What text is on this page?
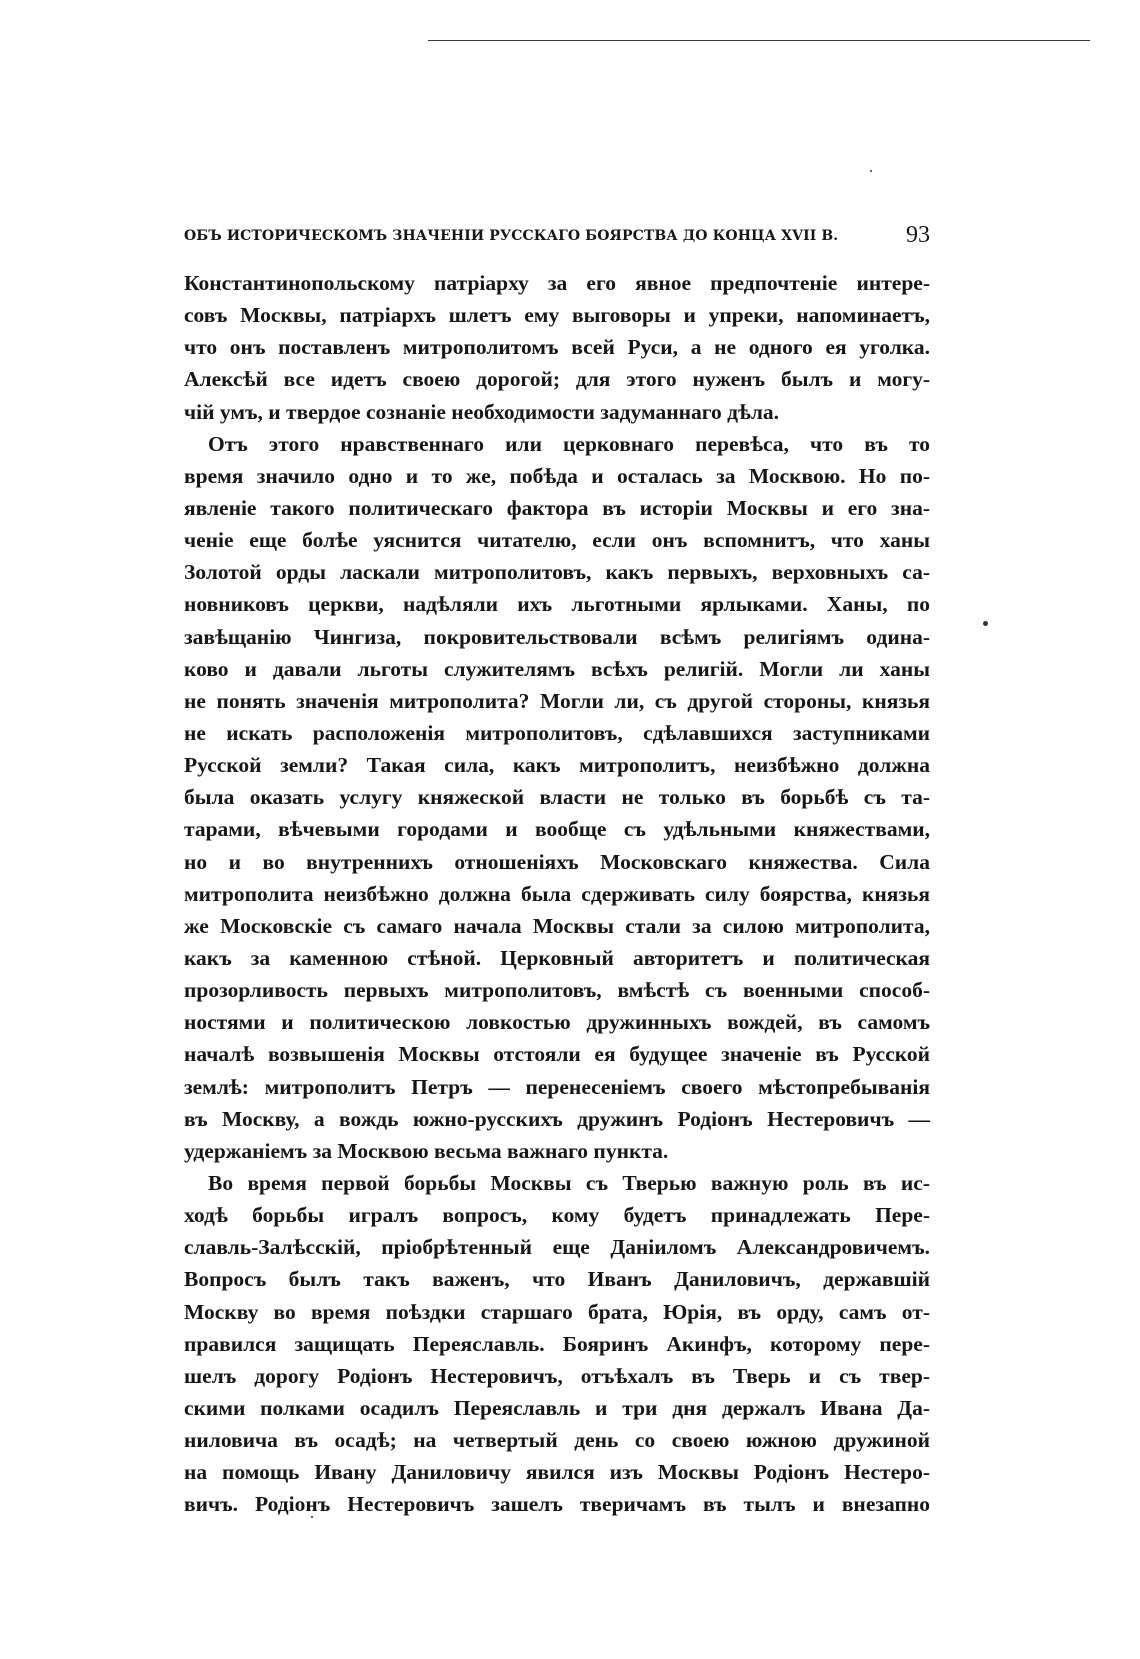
ОБЪ ИСТОРИЧЕСКОМЪ ЗНАЧЕНІИ РУССКАГО БОЯРСТВА ДО КОНЦА XVII В.	93
Константинопольскому патріарху за его явное предпочтеніе интере-
совъ Москвы, патріархъ шлетъ ему выговоры и упреки, напоминаетъ,
что онъ поставленъ митрополитомъ всей Руси, а не одного ея уголка.
Алексѣй все идетъ своею дорогой; для этого нуженъ былъ и могу-
чій умъ, и твердое сознаніе необходимости задуманнаго дѣла.
Отъ этого нравственнаго или церковнаго перевѣса, что въ то
время значило одно и то же, побѣда и осталась за Москвою. Но по-
явленіе такого политическаго фактора въ исторіи Москвы и его зна-
ченіе еще болѣе уяснится читателю, если онъ вспомнитъ, что ханы
Золотой орды ласкали митрополитовъ, какъ первыхъ, верховныхъ са-
новниковъ церкви, надѣляли ихъ льготными ярлыками. Ханы, по
завѣщанію Чингиза, покровительствовали всѣмъ религіямъ одина-
ково и давали льготы служителямъ всѣхъ религій. Могли ли ханы
не понять значенія митрополита? Могли ли, съ другой стороны, князья
не искать расположенія митрополитовъ, сдѣлавшихся заступниками
Русской земли? Такая сила, какъ митрополитъ, неизбѣжно должна
была оказать услугу княжеской власти не только въ борьбѣ съ та-
тарами, вѣчевыми городами и вообще съ удѣльными княжествами,
но и во внутреннихъ отношеніяхъ Московскаго княжества. Сила
митрополита неизбѣжно должна была сдерживать силу боярства, князья
же Московскіе съ самаго начала Москвы стали за силою митрополита,
какъ за каменною стѣной. Церковный авторитетъ и политическая
прозорливость первыхъ митрополитовъ, вмѣстѣ съ военными способ-
ностями и политическою ловкостью дружинныхъ вождей, въ самомъ
началѣ возвышенія Москвы отстояли ея будущее значеніе въ Русской
землѣ: митрополитъ Петръ — перенесеніемъ своего мѣстопребыванія
въ Москву, а вождь южно-русскихъ дружинъ Родіонъ Нестеровичъ —
удержаніемъ за Москвою весьма важнаго пункта.
Во время первой борьбы Москвы съ Тверью важную роль въ ис-
ходѣ борьбы игралъ вопросъ, кому будетъ принадлежать Пере-
славль-Залѣсскій, пріобрѣтенный еще Даніиломъ Александровичемъ.
Вопросъ былъ такъ важенъ, что Иванъ Даниловичъ, державшій
Москву во время поѣздки старшаго брата, Юрія, въ орду, самъ от-
правился защищать Переяславль. Бояринъ Акинфъ, которому пере-
шелъ дорогу Родіонъ Нестеровичъ, отъѣхалъ въ Тверь и съ твер-
скими полками осадилъ Переяславль и три дня держалъ Ивана Да-
ниловича въ осадѣ; на четвертый день со своею южною дружиной
на помощь Ивану Даниловичу явился изъ Москвы Родіонъ Нестеро-
вичъ. Родіонъ Нестеровичъ зашелъ тверичамъ въ тылъ и внезапно
